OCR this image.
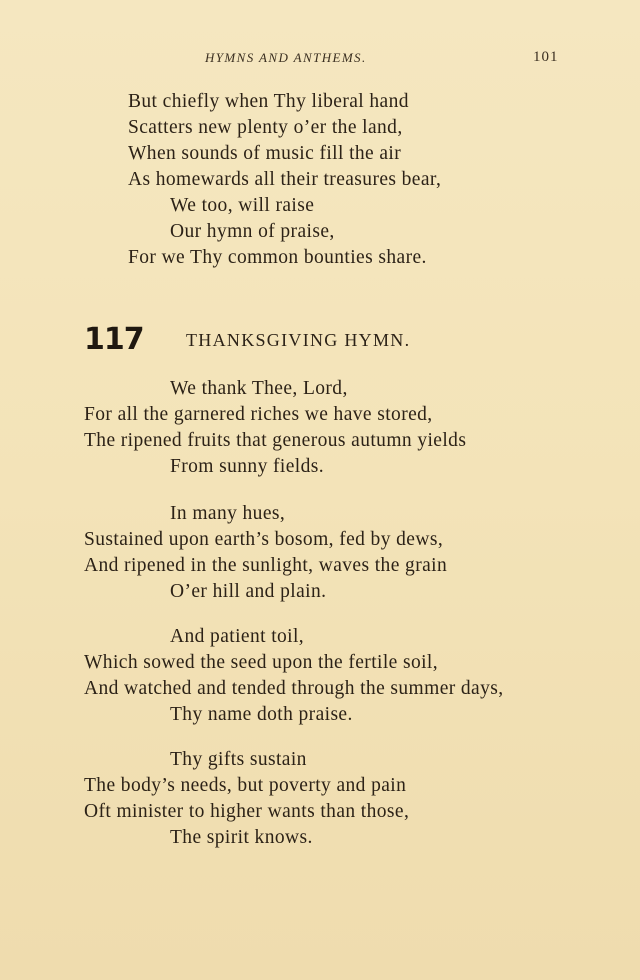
HYMNS AND ANTHEMS.	101
But chiefly when Thy liberal hand
Scatters new plenty o’er the land,
When sounds of music fill the air
As homewards all their treasures bear,
We too, will raise
Our hymn of praise,
For we Thy common bounties share.
117 THANKSGIVING HYMN.
We thank Thee, Lord,
For all the garnered riches we have stored,
The ripened fruits that generous autumn yields
From sunny fields.
In many hues,
Sustained upon earth’s bosom, fed by dews,
And ripened in the sunlight, waves the grain
O’er hill and plain.
And patient toil,
Which sowed the seed upon the fertile soil,
And watched and tended through the summer days,
Thy name doth praise.
Thy gifts sustain
The body’s needs, but poverty and pain
Oft minister to higher wants than those,
The spirit knows.
